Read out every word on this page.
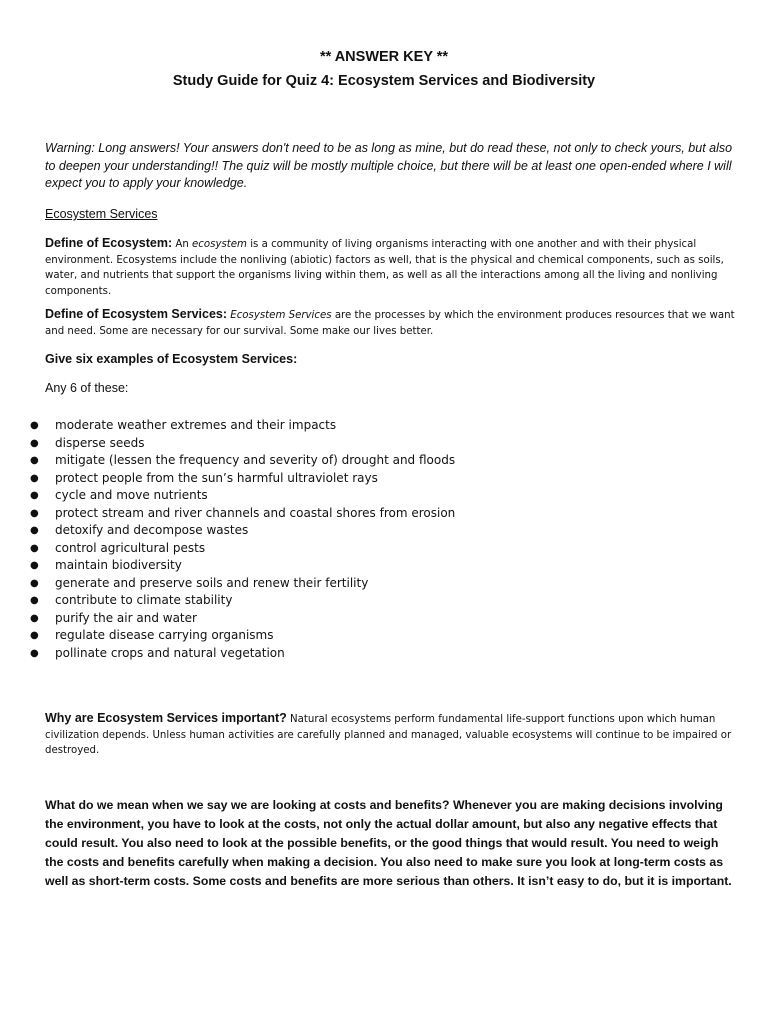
** ANSWER KEY **
Study Guide for Quiz 4: Ecosystem Services and Biodiversity
Warning: Long answers! Your answers don't need to be as long as mine, but do read these, not only to check yours, but also to deepen your understanding!! The quiz will be mostly multiple choice, but there will be at least one open-ended where I will expect you to apply your knowledge.
Ecosystem Services
Define of Ecosystem: An ecosystem is a community of living organisms interacting with one another and with their physical environment. Ecosystems include the nonliving (abiotic) factors as well, that is the physical and chemical components, such as soils, water, and nutrients that support the organisms living within them, as well as all the interactions among all the living and nonliving components.
Define of Ecosystem Services: Ecosystem Services are the processes by which the environment produces resources that we want and need. Some are necessary for our survival. Some make our lives better.
Give six examples of Ecosystem Services:
Any 6 of these:
● moderate weather extremes and their impacts
● disperse seeds
● mitigate (lessen the frequency and severity of) drought and floods
● protect people from the sun’s harmful ultraviolet rays
● cycle and move nutrients
● protect stream and river channels and coastal shores from erosion
● detoxify and decompose wastes
● control agricultural pests
● maintain biodiversity
● generate and preserve soils and renew their fertility
● contribute to climate stability
● purify the air and water
● regulate disease carrying organisms
● pollinate crops and natural vegetation
Why are Ecosystem Services important? Natural ecosystems perform fundamental life-support functions upon which human civilization depends. Unless human activities are carefully planned and managed, valuable ecosystems will continue to be impaired or destroyed.
What do we mean when we say we are looking at costs and benefits? Whenever you are making decisions involving the environment, you have to look at the costs, not only the actual dollar amount, but also any negative effects that could result. You also need to look at the possible benefits, or the good things that would result. You need to weigh the costs and benefits carefully when making a decision. You also need to make sure you look at long-term costs as well as short-term costs. Some costs and benefits are more serious than others. It isn’t easy to do, but it is important.
